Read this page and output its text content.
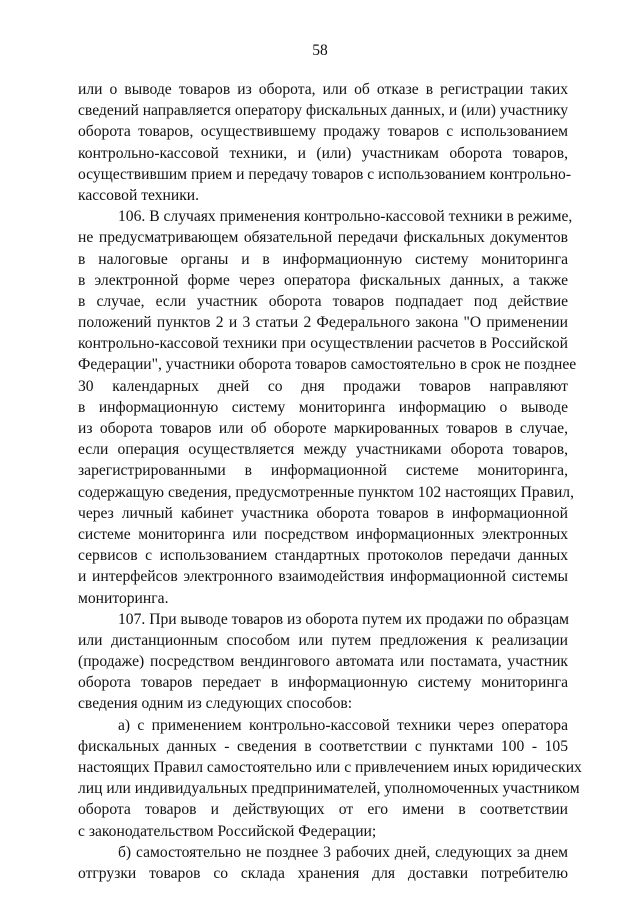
58
или о выводе товаров из оборота, или об отказе в регистрации таких
сведений направляется оператору фискальных данных, и (или) участнику
оборота товаров, осуществившему продажу товаров с использованием
контрольно-кассовой техники, и (или) участникам оборота товаров,
осуществившим прием и передачу товаров с использованием контрольно-
кассовой техники.
106. В случаях применения контрольно-кассовой техники в режиме,
не предусматривающем обязательной передачи фискальных документов
в налоговые органы и в информационную систему мониторинга
в электронной форме через оператора фискальных данных, а также
в случае, если участник оборота товаров подпадает под действие
положений пунктов 2 и 3 статьи 2 Федерального закона "О применении
контрольно-кассовой техники при осуществлении расчетов в Российской
Федерации", участники оборота товаров самостоятельно в срок не позднее
30 календарных дней со дня продажи товаров направляют
в информационную систему мониторинга информацию о выводе
из оборота товаров или об обороте маркированных товаров в случае,
если операция осуществляется между участниками оборота товаров,
зарегистрированными в информационной системе мониторинга,
содержащую сведения, предусмотренные пунктом 102 настоящих Правил,
через личный кабинет участника оборота товаров в информационной
системе мониторинга или посредством информационных электронных
сервисов с использованием стандартных протоколов передачи данных
и интерфейсов электронного взаимодействия информационной системы
мониторинга.
107. При выводе товаров из оборота путем их продажи по образцам
или дистанционным способом или путем предложения к реализации
(продаже) посредством вендингового автомата или постамата, участник
оборота товаров передает в информационную систему мониторинга
сведения одним из следующих способов:
а) с применением контрольно-кассовой техники через оператора
фискальных данных - сведения в соответствии с пунктами 100 - 105
настоящих Правил самостоятельно или с привлечением иных юридических
лиц или индивидуальных предпринимателей, уполномоченных участником
оборота товаров и действующих от его имени в соответствии
с законодательством Российской Федерации;
б) самостоятельно не позднее 3 рабочих дней, следующих за днем
отгрузки товаров со склада хранения для доставки потребителю
